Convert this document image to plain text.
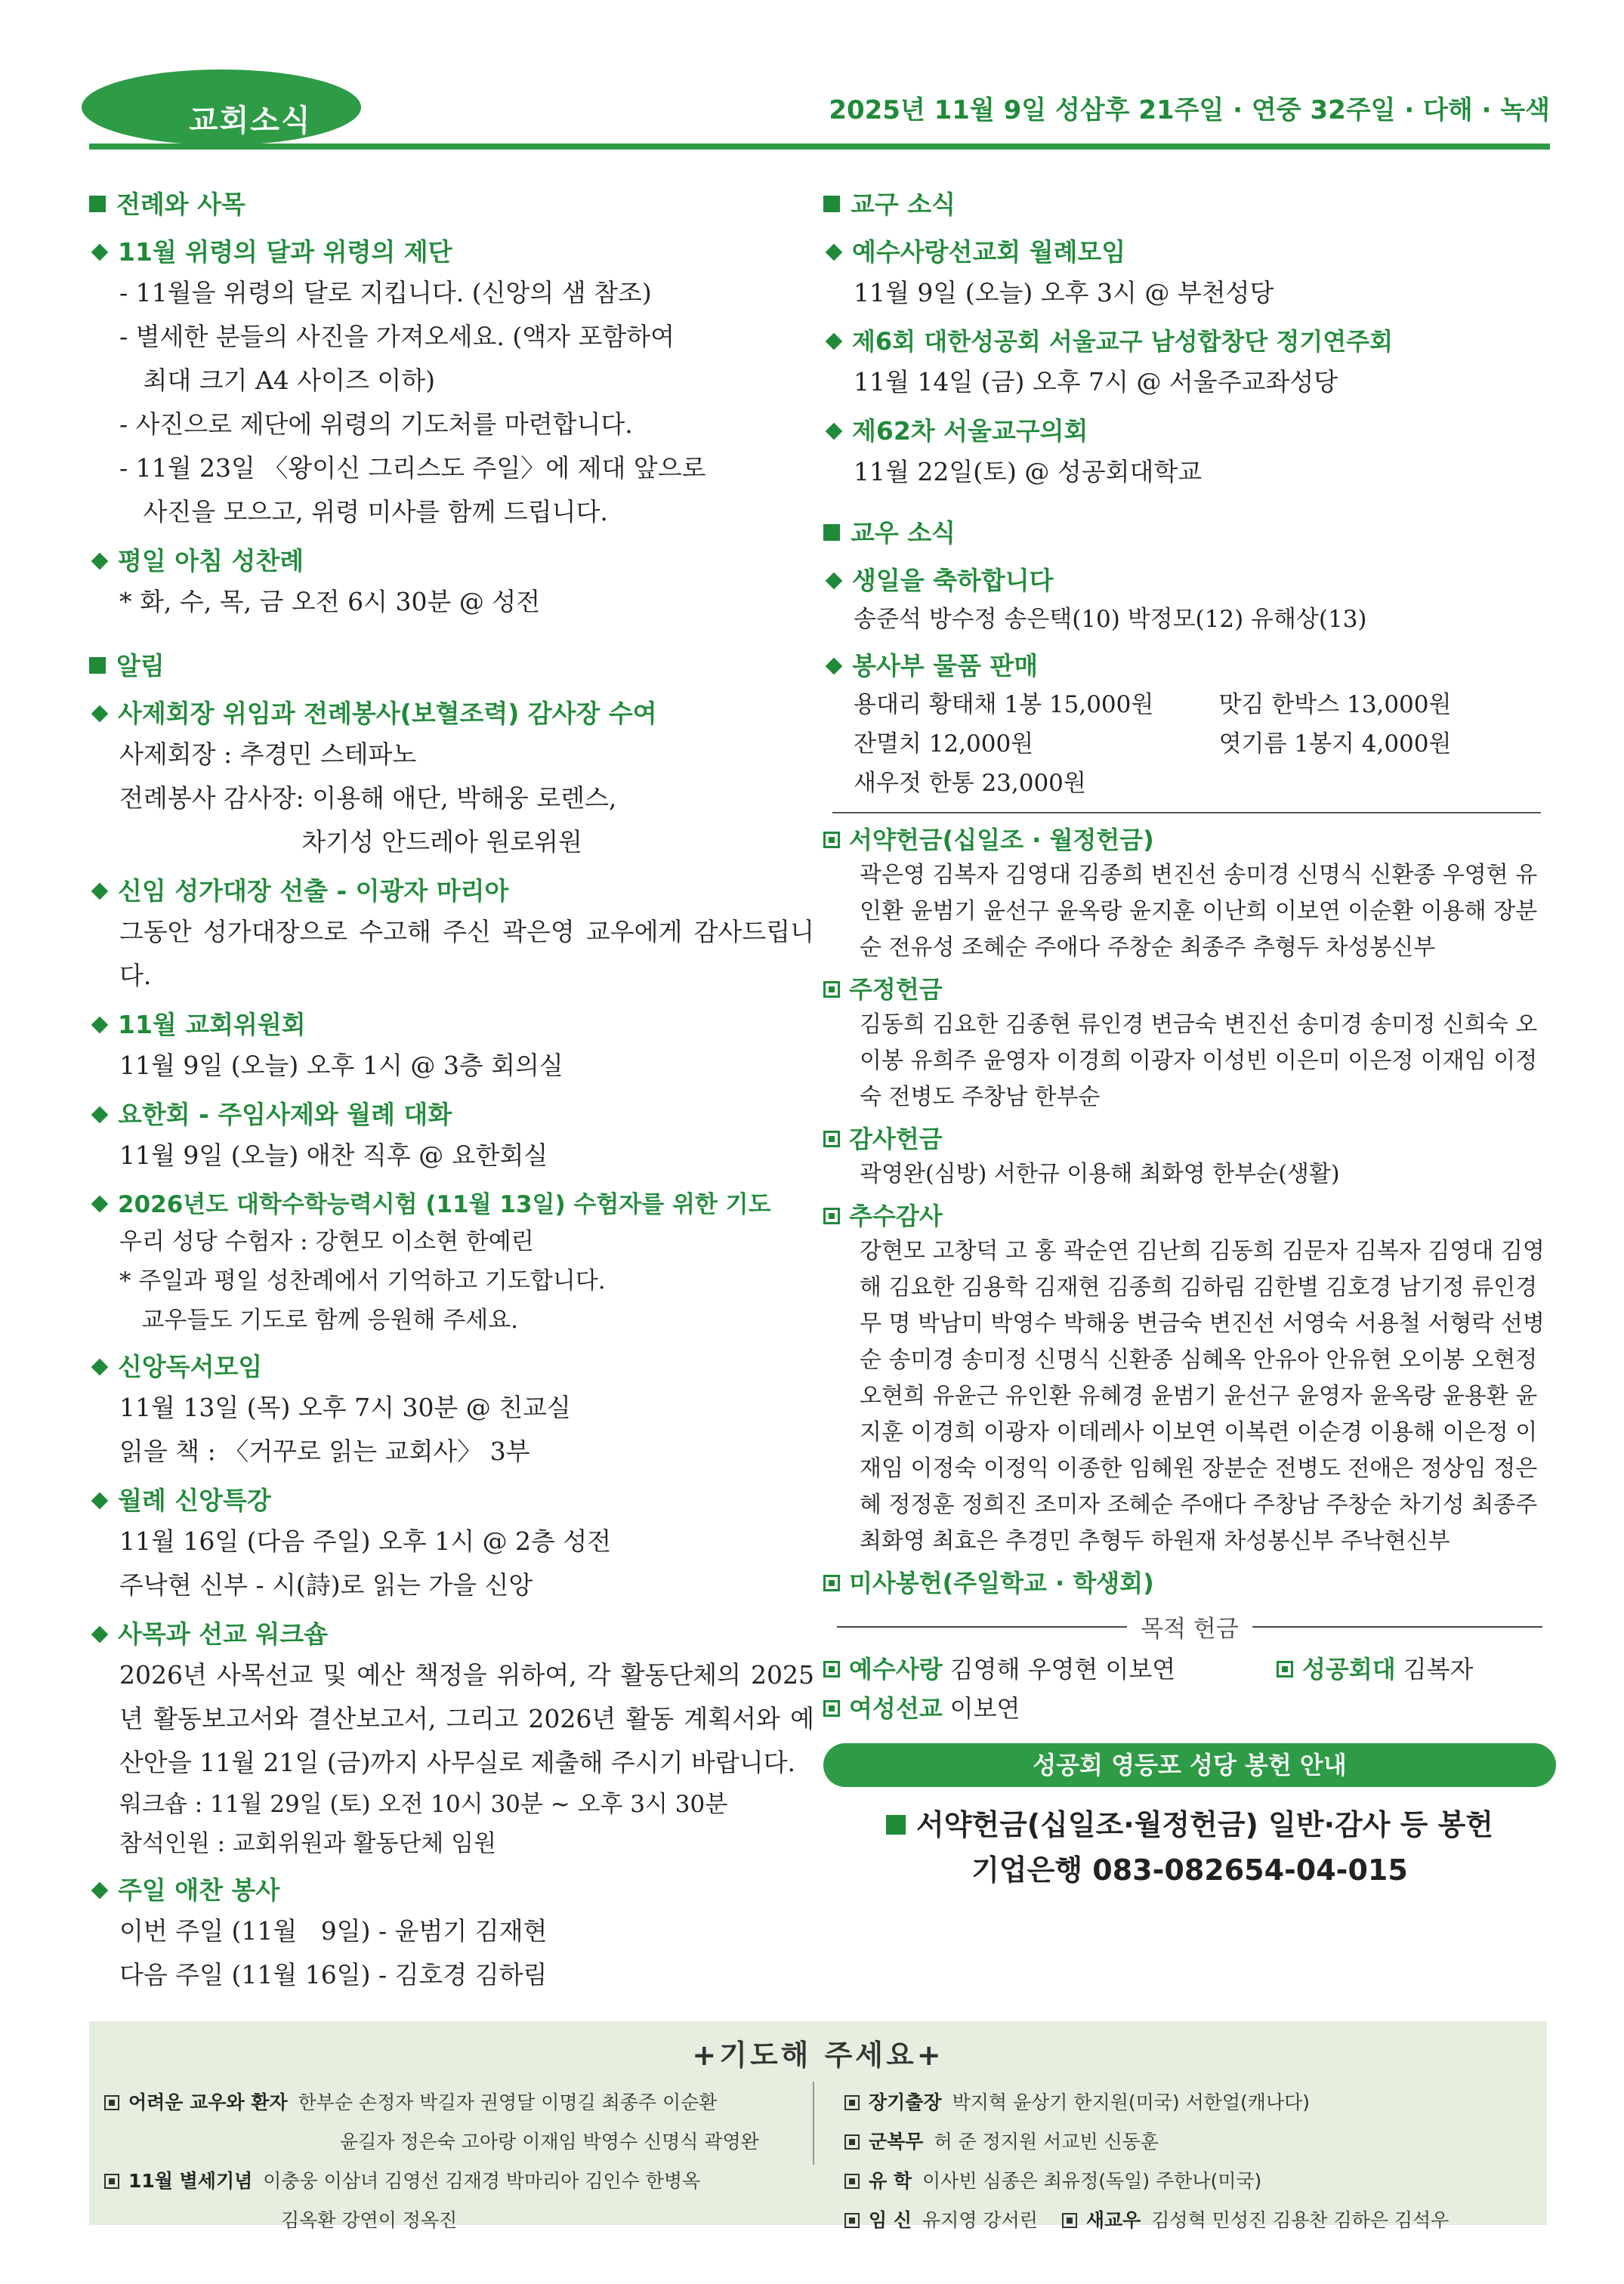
교회소식	2025년 11월 9일 성삼후 21주일 · 연중 32주일 · 다해 · 녹색
전례와 사목
11월 위령의 달과 위령의 제단
- 11월을 위령의 달로 지킵니다. (신앙의 샘 참조)
- 별세한 분들의 사진을 가져오세요. (액자 포함하여
최대 크기 A4 사이즈 이하)
- 사진으로 제단에 위령의 기도처를 마련합니다.
- 11월 23일 〈왕이신 그리스도 주일〉에 제대 앞으로
사진을 모으고, 위령 미사를 함께 드립니다.
평일 아침 성찬례
* 화, 수, 목, 금 오전 6시 30분 @ 성전
알림
사제회장 위임과 전례봉사(보혈조력) 감사장 수여
사제회장 : 추경민 스테파노
전례봉사 감사장: 이용해 애단, 박해웅 로렌스,
차기성 안드레아 원로위원
신임 성가대장 선출 - 이광자 마리아
그동안 성가대장으로 수고해 주신 곽은영 교우에게 감사드립니다.
11월 교회위원회
11월 9일 (오늘) 오후 1시 @ 3층 회의실
요한회 - 주임사제와 월례 대화
11월 9일 (오늘) 애찬 직후 @ 요한회실
2026년도 대학수학능력시험 (11월 13일) 수험자를 위한 기도
우리 성당 수험자 : 강현모 이소현 한예린
* 주일과 평일 성찬례에서 기억하고 기도합니다.
교우들도 기도로 함께 응원해 주세요.
신앙독서모임
11월 13일 (목) 오후 7시 30분 @ 친교실
읽을 책 : 〈거꾸로 읽는 교회사〉 3부
월례 신앙특강
11월 16일 (다음 주일) 오후 1시 @ 2층 성전
주낙현 신부 - 시(詩)로 읽는 가을 신앙
사목과 선교 워크숍
2026년 사목선교 및 예산 책정을 위하여, 각 활동단체의 2025년 활동보고서와 결산보고서, 그리고 2026년 활동 계획서와 예산안을 11월 21일 (금)까지 사무실로 제출해 주시기 바랍니다.
워크숍 : 11월 29일 (토) 오전 10시 30분 ~ 오후 3시 30분
참석인원 : 교회위원과 활동단체 임원
주일 애찬 봉사
이번 주일 (11월   9일) - 윤범기 김재현
다음 주일 (11월 16일) - 김호경 김하림
교구 소식
예수사랑선교회 월례모임
11월 9일 (오늘) 오후 3시 @ 부천성당
제6회 대한성공회 서울교구 남성합창단 정기연주회
11월 14일 (금) 오후 7시 @ 서울주교좌성당
제62차 서울교구의회
11월 22일(토) @ 성공회대학교
교우 소식
생일을 축하합니다
송준석 방수정 송은택(10) 박정모(12) 유해상(13)
봉사부 물품 판매
용대리 황태채 1봉 15,000원	맛김 한박스 13,000원
잔멸치 12,000원	엿기름 1봉지 4,000원
새우젓 한통 23,000원
서약헌금(십일조 · 월정헌금)
곽은영 김복자 김영대 김종희 변진선 송미경 신명식 신환종 우영현 유인환 윤범기 윤선구 윤옥랑 윤지훈 이난희 이보연 이순환 이용해 장분순 전유성 조혜순 주애다 주창순 최종주 추형두 차성봉신부
주정헌금
김동희 김요한 김종현 류인경 변금숙 변진선 송미경 송미정 신희숙 오이봉 유희주 윤영자 이경희 이광자 이성빈 이은미 이은정 이재임 이정숙 전병도 주창남 한부순
감사헌금
곽영완(심방) 서한규 이용해 최화영 한부순(생활)
추수감사
강현모 고창덕 고 홍 곽순연 김난희 김동희 김문자 김복자 김영대 김영해 김요한 김용학 김재현 김종희 김하림 김한별 김호경 남기정 류인경 무 명 박남미 박영수 박해웅 변금숙 변진선 서영숙 서용철 서형락 선병순 송미경 송미정 신명식 신환종 심혜옥 안유아 안유현 오이봉 오현정 오현희 유윤근 유인환 유혜경 윤범기 윤선구 윤영자 윤옥랑 윤용환 윤지훈 이경희 이광자 이데레사 이보연 이복련 이순경 이용해 이은정 이재임 이정숙 이정익 이종한 임혜원 장분순 전병도 전애은 정상임 정은혜 정정훈 정희진 조미자 조혜순 주애다 주창남 주창순 차기성 최종주 최화영 최효은 추경민 추형두 하원재 차성봉신부 주낙현신부
미사봉헌(주일학교 · 학생회)
목적 헌금
예수사랑 김영해 우영현 이보연	성공회대 김복자
여성선교 이보연
성공회 영등포 성당 봉헌 안내
서약헌금(십일조·월정헌금) 일반·감사 등 봉헌
기업은행 083-082654-04-015
+기도해 주세요+
어려운 교우와 환자 한부순 손정자 박길자 권영달 이명길 최종주 이순환
윤길자 정은숙 고아랑 이재임 박영수 신명식 곽영완
11월 별세기념 이충웅 이삼녀 김영선 김재경 박마리아 김인수 한병옥
김옥환 강연이 정옥진
장기출장 박지혁 윤상기 한지원(미국) 서한얼(캐나다)
군복무 허 준 정지원 서교빈 신동훈
유 학 이사빈 심종은 최유정(독일) 주한나(미국)
임 신 유지영 강서린	새교우 김성혁 민성진 김용찬 김하은 김석우
